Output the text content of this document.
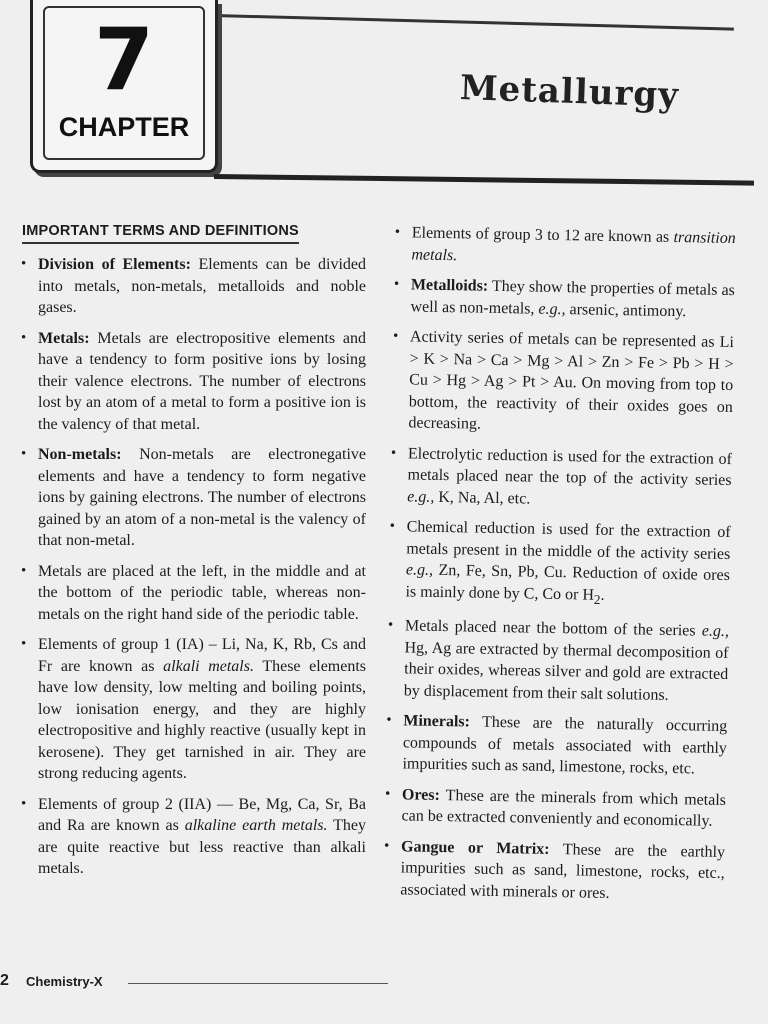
7
CHAPTER
Metallurgy
IMPORTANT TERMS AND DEFINITIONS
• Division of Elements: Elements can be divided into metals, non-metals, metalloids and noble gases.
• Metals: Metals are electropositive elements and have a tendency to form positive ions by losing their valence electrons. The number of electrons lost by an atom of a metal to form a positive ion is the valency of that metal.
• Non-metals: Non-metals are electronegative elements and have a tendency to form negative ions by gaining electrons. The number of electrons gained by an atom of a non-metal is the valency of that non-metal.
• Metals are placed at the left, in the middle and at the bottom of the periodic table, whereas non-metals on the right hand side of the periodic table.
• Elements of group 1 (IA) – Li, Na, K, Rb, Cs and Fr are known as alkali metals. These elements have low density, low melting and boiling points, low ionisation energy, and they are highly electropositive and highly reactive (usually kept in kerosene). They get tarnished in air. They are strong reducing agents.
• Elements of group 2 (IIA) — Be, Mg, Ca, Sr, Ba and Ra are known as alkaline earth metals. They are quite reactive but less reactive than alkali metals.
• Elements of group 3 to 12 are known as transition metals.
• Metalloids: They show the properties of metals as well as non-metals, e.g., arsenic, antimony.
• Activity series of metals can be represented as Li > K > Na > Ca > Mg > Al > Zn > Fe > Pb > H > Cu > Hg > Ag > Pt > Au. On moving from top to bottom, the reactivity of their oxides goes on decreasing.
• Electrolytic reduction is used for the extraction of metals placed near the top of the activity series e.g., K, Na, Al, etc.
• Chemical reduction is used for the extraction of metals present in the middle of the activity series e.g., Zn, Fe, Sn, Pb, Cu. Reduction of oxide ores is mainly done by C, Co or $H_2$.
• Metals placed near the bottom of the series e.g., Hg, Ag are extracted by thermal decomposition of their oxides, whereas silver and gold are extracted by displacement from their salt solutions.
• Minerals: These are the naturally occurring compounds of metals associated with earthly impurities such as sand, limestone, rocks, etc.
• Ores: These are the minerals from which metals can be extracted conveniently and economically.
• Gangue or Matrix: These are the earthly impurities such as sand, limestone, rocks, etc., associated with minerals or ores.
2 Chemistry-X
